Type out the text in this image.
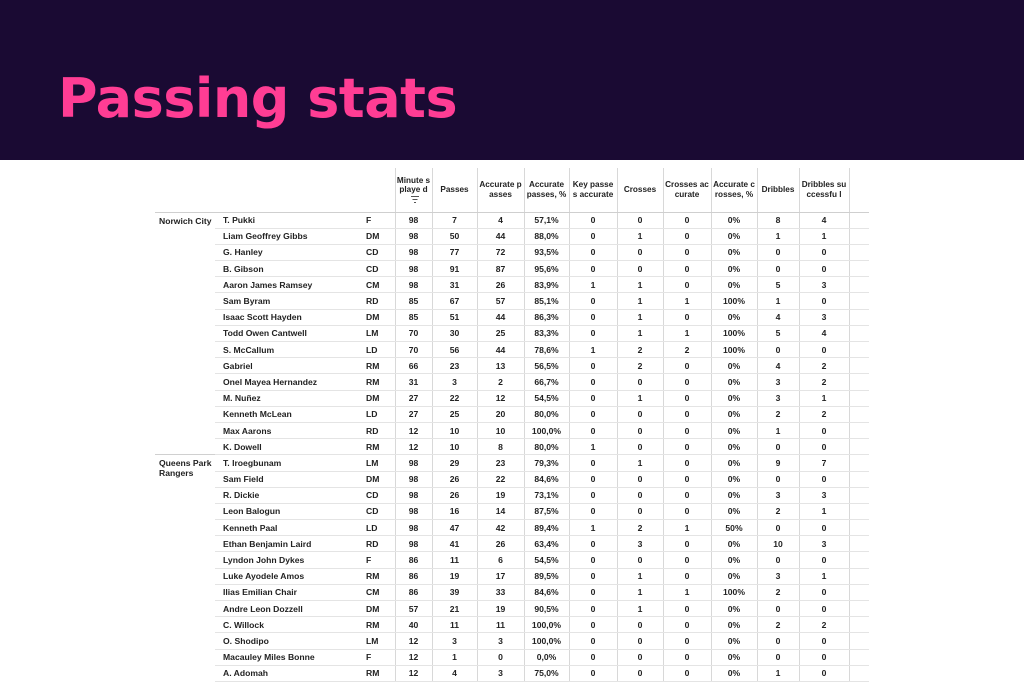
Passing stats
			Minute s playe d	Passes	Accurate passes	Accurate passes, %	Key passes accurate	Crosses	Crosses accurate	Accurate crosses, %	Dribbles	Dribbles successfu l	
Norwich City	T. Pukki	F	98	7	4	57,1%	0	0	0	0%	8	4	
	Liam Geoffrey Gibbs	DM	98	50	44	88,0%	0	1	0	0%	1	1	
	G. Hanley	CD	98	77	72	93,5%	0	0	0	0%	0	0	
	B. Gibson	CD	98	91	87	95,6%	0	0	0	0%	0	0	
	Aaron James Ramsey	CM	98	31	26	83,9%	1	1	0	0%	5	3	
	Sam Byram	RD	85	67	57	85,1%	0	1	1	100%	1	0	
	Isaac Scott Hayden	DM	85	51	44	86,3%	0	1	0	0%	4	3	
	Todd Owen Cantwell	LM	70	30	25	83,3%	0	1	1	100%	5	4	
	S. McCallum	LD	70	56	44	78,6%	1	2	2	100%	0	0	
	Gabriel	RM	66	23	13	56,5%	0	2	0	0%	4	2	
	Onel Mayea Hernandez	RM	31	3	2	66,7%	0	0	0	0%	3	2	
	M. Nuñez	DM	27	22	12	54,5%	0	1	0	0%	3	1	
	Kenneth McLean	LD	27	25	20	80,0%	0	0	0	0%	2	2	
	Max Aarons	RD	12	10	10	100,0%	0	0	0	0%	1	0	
	K. Dowell	RM	12	10	8	80,0%	1	0	0	0%	0	0	
Queens Park Rangers	T. Iroegbunam	LM	98	29	23	79,3%	0	1	0	0%	9	7	
	Sam Field	DM	98	26	22	84,6%	0	0	0	0%	0	0	
	R. Dickie	CD	98	26	19	73,1%	0	0	0	0%	3	3	
	Leon Balogun	CD	98	16	14	87,5%	0	0	0	0%	2	1	
	Kenneth Paal	LD	98	47	42	89,4%	1	2	1	50%	0	0	
	Ethan Benjamin Laird	RD	98	41	26	63,4%	0	3	0	0%	10	3	
	Lyndon John Dykes	F	86	11	6	54,5%	0	0	0	0%	0	0	
	Luke Ayodele Amos	RM	86	19	17	89,5%	0	1	0	0%	3	1	
	Ilias Emilian Chair	CM	86	39	33	84,6%	0	1	1	100%	2	0	
	Andre Leon Dozzell	DM	57	21	19	90,5%	0	1	0	0%	0	0	
	C. Willock	RM	40	11	11	100,0%	0	0	0	0%	2	2	
	O. Shodipo	LM	12	3	3	100,0%	0	0	0	0%	0	0	
	Macauley Miles Bonne	F	12	1	0	0,0%	0	0	0	0%	0	0	
	A. Adomah	RM	12	4	3	75,0%	0	0	0	0%	1	0	
